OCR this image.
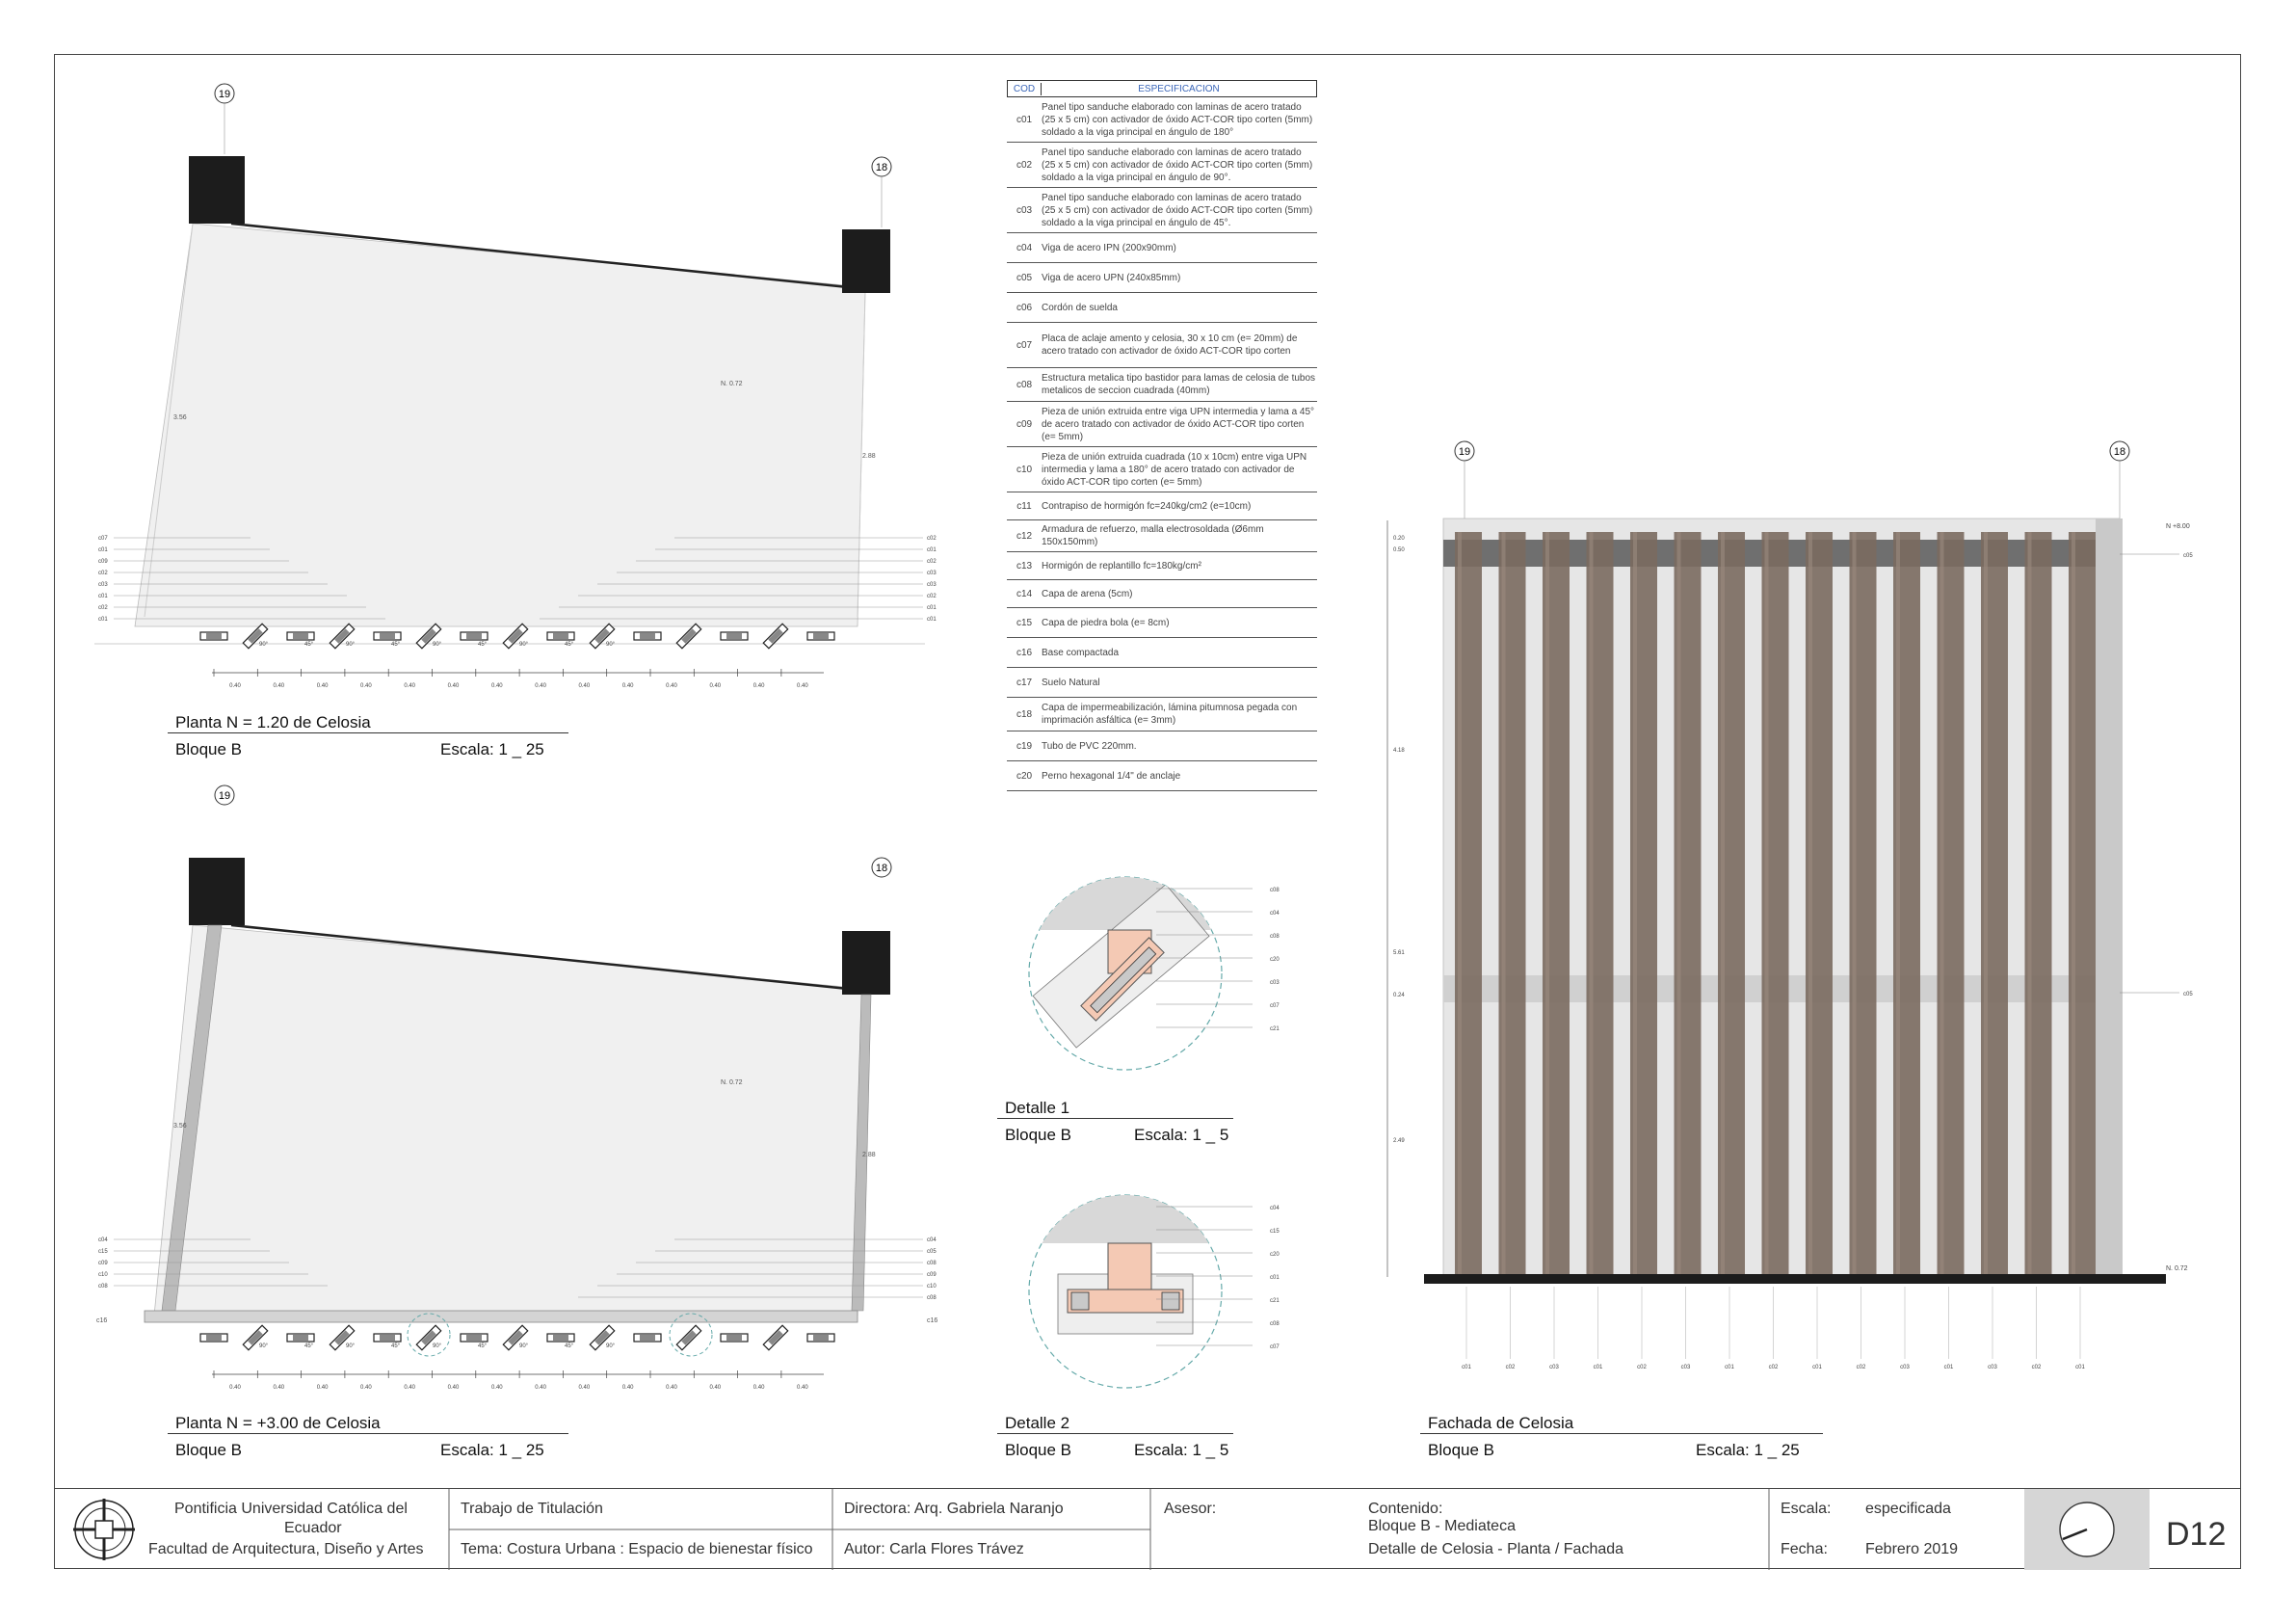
19
18
3.56
2.88
N. 0.72
90°	45°	90°	45°	90°	45°	90°	45°	90°
0.40	0.40	0.40	0.40	0.40	0.40	0.40	0.40	0.40	0.40	0.40	0.40	0.40	0.40
c07
c01
c09
c02
c03
c01
c02
c01
c02
c01
c02
c03
c03
c02
c01
c01
19
18
3.56
2.88
N. 0.72
c16	c16
90°	45°	90°	45°	90°	45°	90°	45°	90°
0.40	0.40	0.40	0.40	0.40	0.40	0.40	0.40	0.40	0.40	0.40	0.40	0.40	0.40
c04
c15
c09
c10
c08
c04
c05
c08
c09
c10
c08
c08
c04
c08
c20
c03
c07
c21
c04
c15
c20
c01
c21
c08
c07
19	18
0.20
0.50
4.18
5.61
0.24
2.49
c05
c05
c01	c02	c03	c01	c02	c03	c01	c02	c01	c02	c03	c01	c03	c02	c01
N +8.00
N. 0.72
COD	ESPECIFICACION
c01
Panel tipo sanduche elaborado con laminas de acero tratado (25 x 5 cm) con activador de óxido ACT-COR tipo corten (5mm) soldado a la viga principal en ángulo de 180°
c02
Panel tipo sanduche elaborado con laminas de acero tratado (25 x 5 cm) con activador de óxido ACT-COR tipo corten (5mm) soldado a la viga principal en ángulo de 90°.
c03
Panel tipo sanduche elaborado con laminas de acero tratado (25 x 5 cm) con activador de óxido ACT-COR tipo corten (5mm) soldado a la viga principal en ángulo de 45°.
c04 Viga de acero IPN (200x90mm)
c05 Viga de acero UPN (240x85mm)
c06 Cordón de suelda
c07
Placa de aclaje amento y celosia, 30 x 10 cm (e= 20mm) de acero tratado con activador de óxido ACT-COR tipo corten
c08
Estructura metalica tipo bastidor para lamas de celosia de tubos metalicos de seccion cuadrada (40mm)
c09
Pieza de unión extruida entre viga UPN intermedia y lama a 45° de acero tratado con activador de óxido ACT-COR tipo corten (e= 5mm)
c10
Pieza de unión extruida cuadrada (10 x 10cm) entre viga UPN intermedia y lama a 180° de acero tratado con activador de óxido ACT-COR tipo corten (e= 5mm)
c11	Contrapiso de hormigón fc=240kg/cm2 (e=10cm)
c12
Armadura de refuerzo, malla electrosoldada (Ø6mm 150x150mm)
c13 Hormigón de replantillo fc=180kg/cm²
c14 Capa de arena (5cm)
c15 Capa de piedra bola (e= 8cm)
c16 Base compactada
c17 Suelo Natural
c18
Capa de impermeabilización, lámina pitumnosa pegada con imprimación asfáltica (e= 3mm)
c19 Tubo de PVC 220mm.
c20 Perno hexagonal 1/4" de anclaje
Planta N = 1.20 de Celosia
Bloque B	Escala: 1 _ 25
Planta N = +3.00 de Celosia
Bloque B	Escala: 1 _ 25
Detalle 1
Bloque B	Escala: 1 _ 5
Detalle 2
Bloque B	Escala: 1 _ 5
Fachada de Celosia
Bloque B	Escala: 1 _ 25
Pontificia Universidad Católica del
Ecuador
Facultad de Arquitectura, Diseño y Artes
Trabajo de Titulación
Tema: Costura Urbana : Espacio de bienestar físico
Directora: Arq. Gabriela Naranjo
Autor: Carla Flores Trávez
Asesor:	Contenido:
Bloque B - Mediateca
Detalle de Celosia - Planta / Fachada
Escala: especificada
Fecha: Febrero 2019	D12
